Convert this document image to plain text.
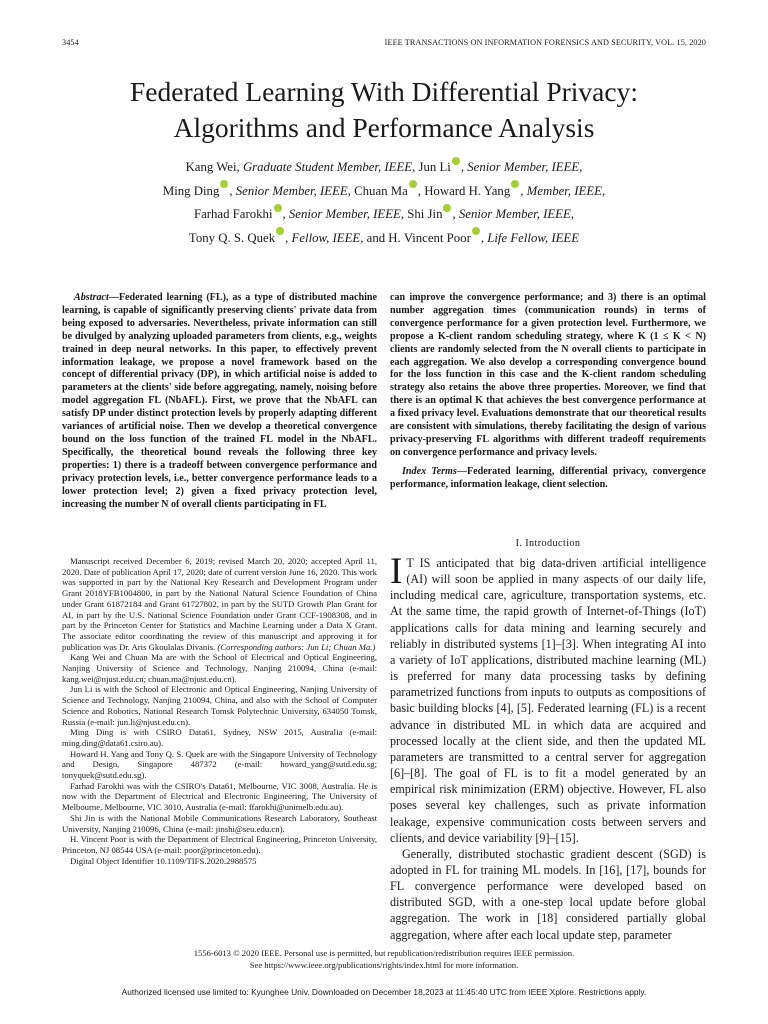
3454	IEEE TRANSACTIONS ON INFORMATION FORENSICS AND SECURITY, VOL. 15, 2020
Federated Learning With Differential Privacy:
Algorithms and Performance Analysis
Kang Wei, Graduate Student Member, IEEE, Jun Li , Senior Member, IEEE,
Ming Ding , Senior Member, IEEE, Chuan Ma , Howard H. Yang , Member, IEEE,
Farhad Farokhi , Senior Member, IEEE, Shi Jin , Senior Member, IEEE,
Tony Q. S. Quek , Fellow, IEEE, and H. Vincent Poor , Life Fellow, IEEE

Abstract—Federated learning (FL), as a type of distributed machine learning, is capable of significantly preserving clients' private data from being exposed to adversaries. Nevertheless, private information can still be divulged by analyzing uploaded parameters from clients, e.g., weights trained in deep neural networks. In this paper, to effectively prevent information leakage, we propose a novel framework based on the concept of differential privacy (DP), in which artificial noise is added to parameters at the clients' side before aggregating, namely, noising before model aggregation FL (NbAFL). First, we prove that the NbAFL can satisfy DP under distinct protection levels by properly adapting different variances of artificial noise. Then we develop a theoretical convergence bound on the loss function of the trained FL model in the NbAFL. Specifically, the theoretical bound reveals the following three key properties: 1) there is a tradeoff between convergence performance and privacy protection levels, i.e., better convergence performance leads to a lower protection level; 2) given a fixed privacy protection level, increasing the number N of overall clients participating in FL

can improve the convergence performance; and 3) there is an optimal number aggregation times (communication rounds) in terms of convergence performance for a given protection level. Furthermore, we propose a K-client random scheduling strategy, where K (1 ≤ K < N) clients are randomly selected from the N overall clients to participate in each aggregation. We also develop a corresponding convergence bound for the loss function in this case and the K-client random scheduling strategy also retains the above three properties. Moreover, we find that there is an optimal K that achieves the best convergence performance at a fixed privacy level. Evaluations demonstrate that our theoretical results are consistent with simulations, thereby facilitating the design of various privacy-preserving FL algorithms with different tradeoff requirements on convergence performance and privacy levels.

Index Terms—Federated learning, differential privacy, convergence performance, information leakage, client selection.

Manuscript received December 6, 2019; revised March 20, 2020; accepted April 11, 2020. Date of publication April 17, 2020; date of current version June 16, 2020. This work was supported in part by the National Key Research and Development Program under Grant 2018YFB1004800, in part by the National Natural Science Foundation of China under Grant 61872184 and Grant 61727802, in part by the SUTD Growth Plan Grant for AI, in part by the U.S. National Science Foundation under Grant CCF-1908308, and in part by the Princeton Center for Statistics and Machine Learning under a Data X Grant. The associate editor coordinating the review of this manuscript and approving it for publication was Dr. Aris Gkoulalas Divanis. (Corresponding authors: Jun Li; Chuan Ma.)

Kang Wei and Chuan Ma are with the School of Electrical and Optical Engineering, Nanjing University of Science and Technology, Nanjing 210094, China (e-mail: kang.wei@njust.edu.cn; chuan.ma@njust.edu.cn).

Jun Li is with the School of Electronic and Optical Engineering, Nanjing University of Science and Technology, Nanjing 210094, China, and also with the School of Computer Science and Robotics, National Research Tomsk Polytechnic University, 634050 Tomsk, Russia (e-mail: jun.li@njust.edu.cn).

Ming Ding is with CSIRO Data61, Sydney, NSW 2015, Australia (e-mail: ming.ding@data61.csiro.au).

Howard H. Yang and Tony Q. S. Quek are with the Singapore University of Technology and Design, Singapore 487372 (e-mail: howard_yang@sutd.edu.sg; tonyquek@sutd.edu.sg).

Farhad Farokhi was with the CSIRO's Data61, Melbourne, VIC 3008, Australia. He is now with the Department of Electrical and Electronic Engineering, The University of Melbourne, Melbourne, VIC 3010, Australia (e-mail: ffarokhi@unimelb.edu.au).

Shi Jin is with the National Mobile Communications Research Laboratory, Southeast University, Nanjing 210096, China (e-mail: jinshi@seu.edu.cn).

H. Vincent Poor is with the Department of Electrical Engineering, Princeton University, Princeton, NJ 08544 USA (e-mail: poor@princeton.edu).

Digital Object Identifier 10.1109/TIFS.2020.2988575

I. Introduction

I T IS anticipated that big data-driven artificial intelligence (AI) will soon be applied in many aspects of our daily life, including medical care, agriculture, transportation systems, etc. At the same time, the rapid growth of Internet-of-Things (IoT) applications calls for data mining and learning securely and reliably in distributed systems [1]–[3]. When integrating AI into a variety of IoT applications, distributed machine learning (ML) is preferred for many data processing tasks by defining parametrized functions from inputs to outputs as compositions of basic building blocks [4], [5]. Federated learning (FL) is a recent advance in distributed ML in which data are acquired and processed locally at the client side, and then the updated ML parameters are transmitted to a central server for aggregation [6]–[8]. The goal of FL is to fit a model generated by an empirical risk minimization (ERM) objective. However, FL also poses several key challenges, such as private information leakage, expensive communication costs between servers and clients, and device variability [9]–[15].

Generally, distributed stochastic gradient descent (SGD) is adopted in FL for training ML models. In [16], [17], bounds for FL convergence performance were developed based on distributed SGD, with a one-step local update before global aggregation. The work in [18] considered partially global aggregation, where after each local update step, parameter

1556-6013 © 2020 IEEE. Personal use is permitted, but republication/redistribution requires IEEE permission.
See https://www.ieee.org/publications/rights/index.html for more information.
Authorized licensed use limited to: Kyunghee Univ. Downloaded on December 18,2023 at 11:45:40 UTC from IEEE Xplore. Restrictions apply.
